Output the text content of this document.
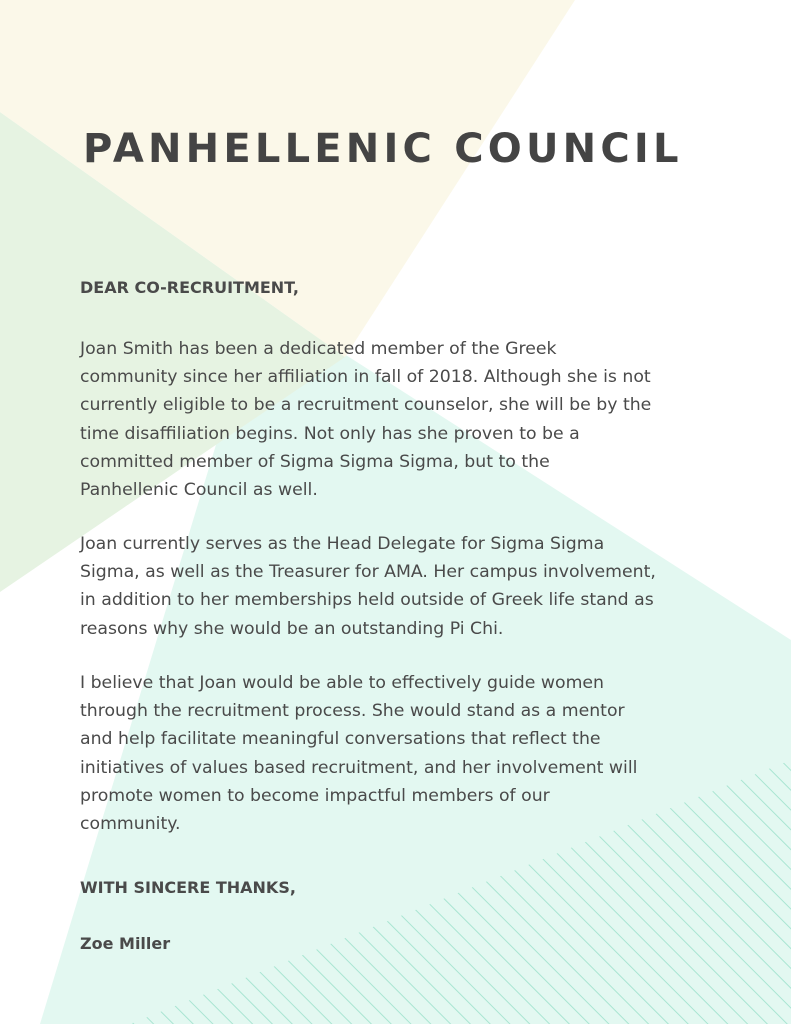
PANHELLENIC COUNCIL

DEAR CO-RECRUITMENT,

Joan Smith has been a dedicated member of the Greek
community since her affiliation in fall of 2018. Although she is not
currently eligible to be a recruitment counselor, she will be by the
time disaffiliation begins. Not only has she proven to be a
committed member of Sigma Sigma Sigma, but to the
Panhellenic Council as well.

Joan currently serves as the Head Delegate for Sigma Sigma
Sigma, as well as the Treasurer for AMA. Her campus involvement,
in addition to her memberships held outside of Greek life stand as
reasons why she would be an outstanding Pi Chi.

I believe that Joan would be able to effectively guide women
through the recruitment process. She would stand as a mentor
and help facilitate meaningful conversations that reflect the
initiatives of values based recruitment, and her involvement will
promote women to become impactful members of our
community.

WITH SINCERE THANKS,

Zoe Miller
